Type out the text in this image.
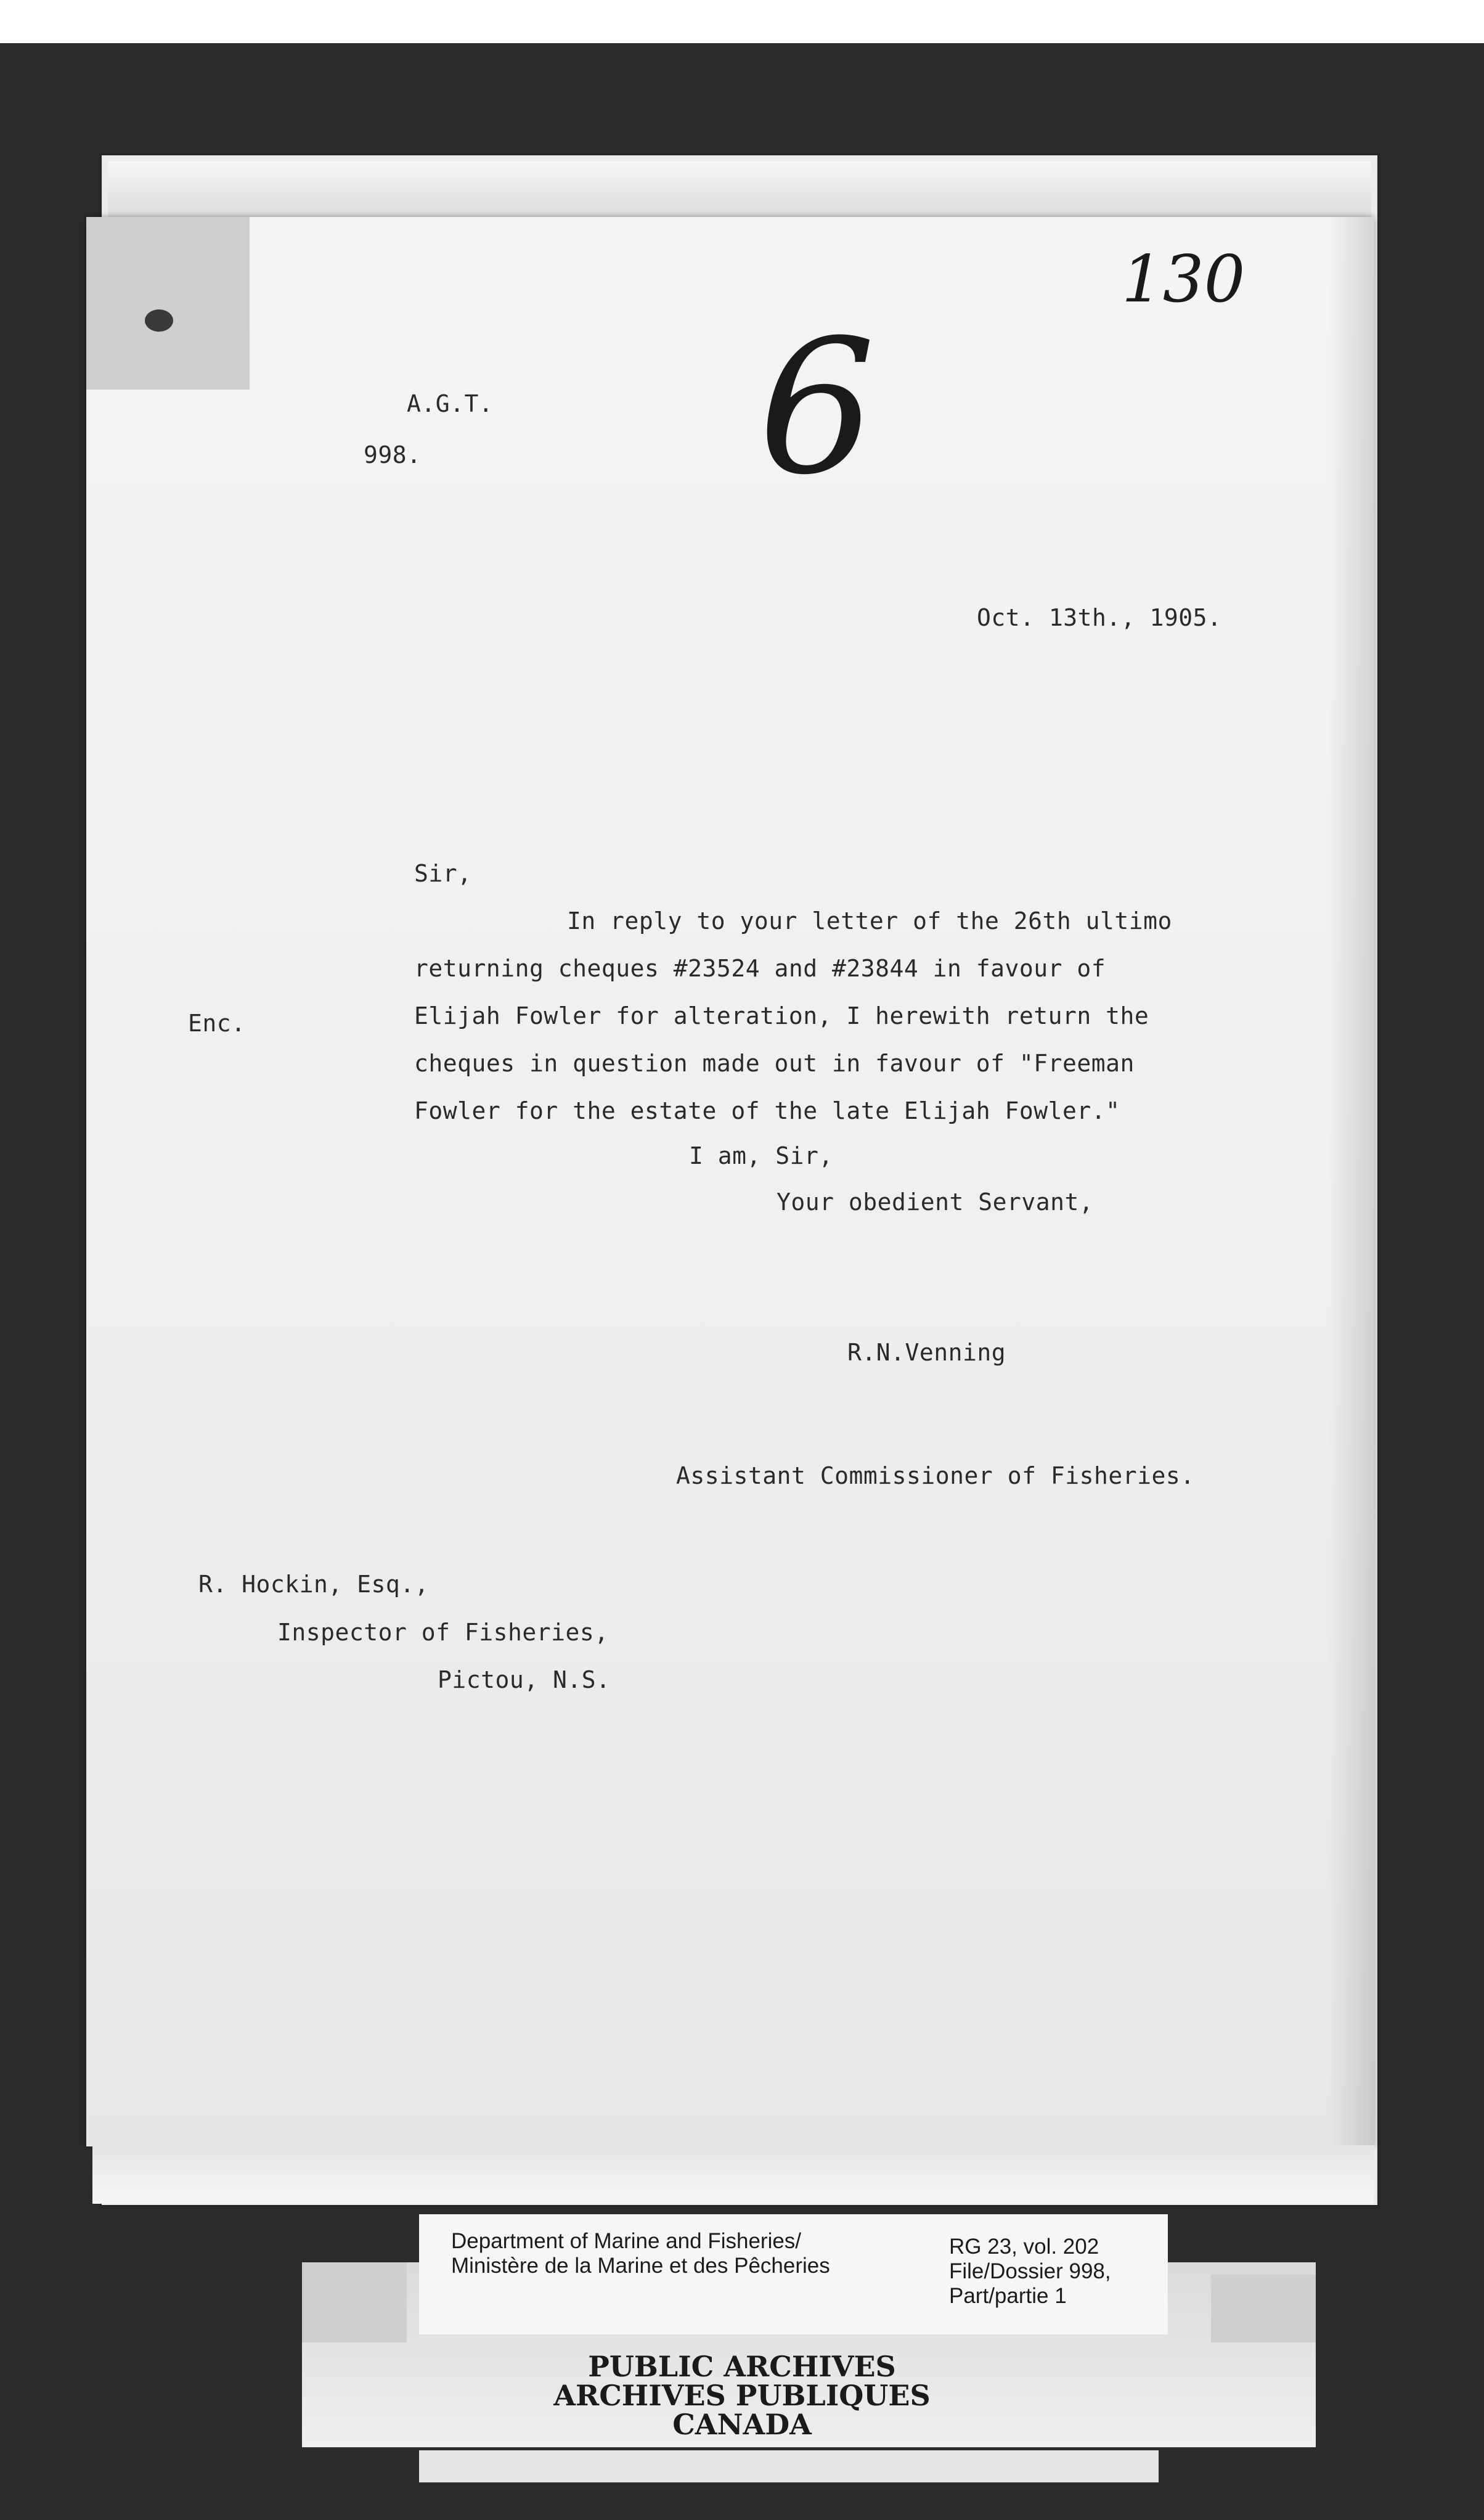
130
6

A.G.T.

998.

Oct. 13th., 1905.

Sir,

Enc.

In reply to your letter of the 26th ultimo

returning cheques #23524 and #23844 in favour of

Elijah Fowler for alteration, I herewith return the

cheques in question made out in favour of "Freeman

Fowler for the estate of the late Elijah Fowler."

I am, Sir,

Your obedient Servant,

R.N.Venning

Assistant Commissioner of Fisheries.

R. Hockin, Esq.,

Inspector of Fisheries,

Pictou, N.S.

Department of Marine and Fisheries/
Ministère de la Marine et des Pêcheries
RG 23, vol. 202
File/Dossier 998,
Part/partie 1
PUBLIC ARCHIVES
ARCHIVES PUBLIQUES
CANADA
